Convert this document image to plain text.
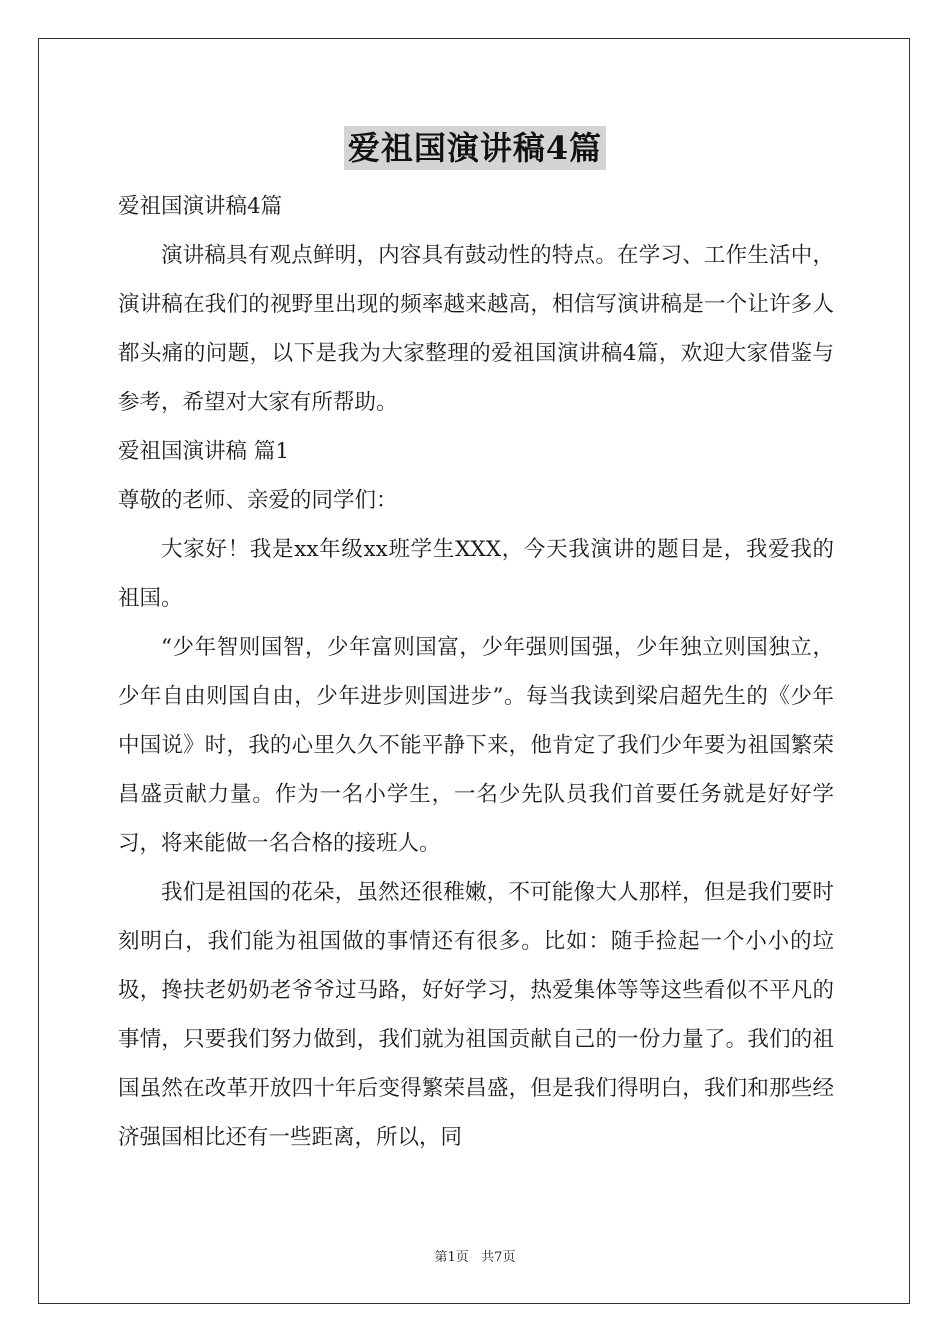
爱祖国演讲稿4篇

爱祖国演讲稿4篇

演讲稿具有观点鲜明，内容具有鼓动性的特点。在学习、工作生活中，演讲稿在我们的视野里出现的频率越来越高，相信写演讲稿是一个让许多人都头痛的问题，以下是我为大家整理的爱祖国演讲稿4篇，欢迎大家借鉴与参考，希望对大家有所帮助。

爱祖国演讲稿 篇1

尊敬的老师、亲爱的同学们：

大家好！我是xx年级xx班学生XXX，今天我演讲的题目是，我爱我的祖国。

“少年智则国智，少年富则国富，少年强则国强，少年独立则国独立，少年自由则国自由，少年进步则国进步”。每当我读到梁启超先生的《少年中国说》时，我的心里久久不能平静下来，他肯定了我们少年要为祖国繁荣昌盛贡献力量。作为一名小学生，一名少先队员我们首要任务就是好好学习，将来能做一名合格的接班人。

我们是祖国的花朵，虽然还很稚嫩，不可能像大人那样，但是我们要时刻明白，我们能为祖国做的事情还有很多。比如：随手捡起一个小小的垃圾，搀扶老奶奶老爷爷过马路，好好学习，热爱集体等等这些看似不平凡的事情，只要我们努力做到，我们就为祖国贡献自己的一份力量了。我们的祖国虽然在改革开放四十年后变得繁荣昌盛，但是我们得明白，我们和那些经济强国相比还有一些距离，所以，同

第1页   共7页
